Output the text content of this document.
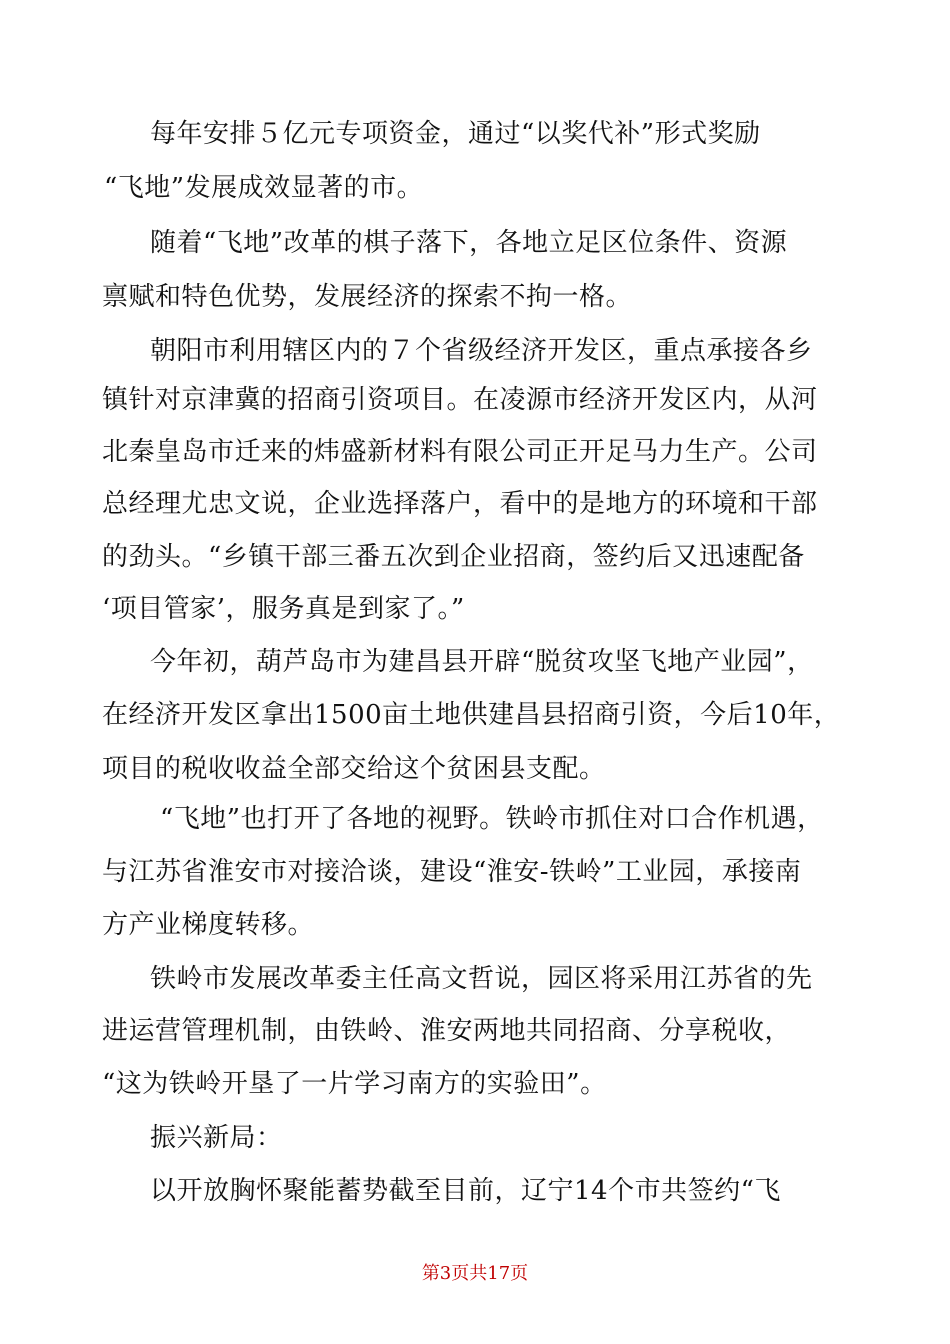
每年安排５亿元专项资金，通过“以奖代补”形式奖励
“飞地”发展成效显著的市。
随着“飞地”改革的棋子落下，各地立足区位条件、资源
禀赋和特色优势，发展经济的探索不拘一格。
朝阳市利用辖区内的７个省级经济开发区，重点承接各乡
镇针对京津冀的招商引资项目。在凌源市经济开发区内，从河
北秦皇岛市迁来的炜盛新材料有限公司正开足马力生产。公司
总经理尤忠文说，企业选择落户，看中的是地方的环境和干部
的劲头。“乡镇干部三番五次到企业招商，签约后又迅速配备
‘项目管家’，服务真是到家了。”
今年初，葫芦岛市为建昌县开辟“脱贫攻坚飞地产业园”，
在经济开发区拿出1500亩土地供建昌县招商引资，今后10年，
项目的税收收益全部交给这个贫困县支配。
“飞地”也打开了各地的视野。铁岭市抓住对口合作机遇，
与江苏省淮安市对接洽谈，建设“淮安-铁岭”工业园，承接南
方产业梯度转移。
铁岭市发展改革委主任高文哲说，园区将采用江苏省的先
进运营管理机制，由铁岭、淮安两地共同招商、分享税收，
“这为铁岭开垦了一片学习南方的实验田”。
振兴新局：
以开放胸怀聚能蓄势截至目前，辽宁14个市共签约“飞
第3页共17页
